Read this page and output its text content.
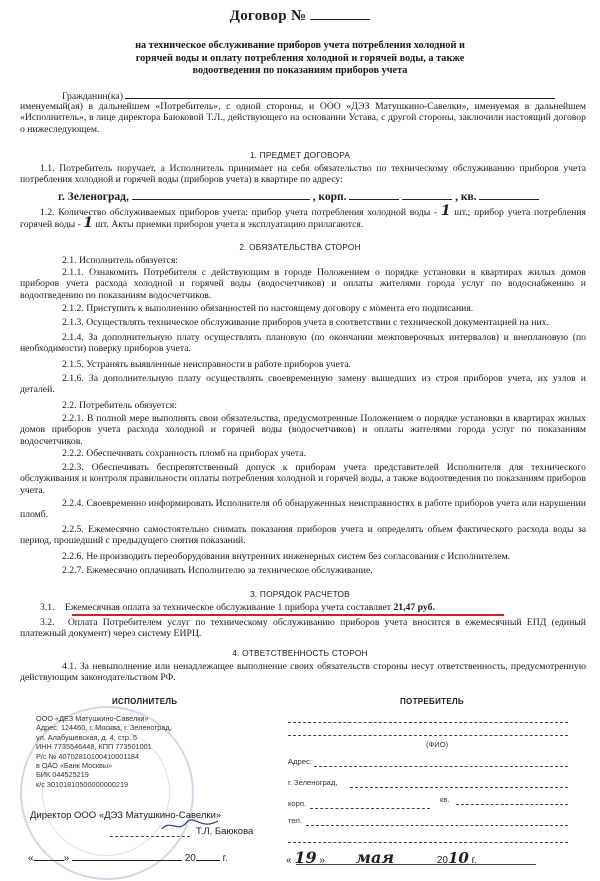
Договор №
на техническое обслуживание приборов учета потребления холодной и
горячей воды и оплату потребления холодной и горячей воды, а также
водоотведения по показаниям приборов учета
Гражданин(ка)
именуемый(ая) в дальнейшем «Потребитель», с одной стороны, и ООО «ДЭЗ Матушкино-Савелки», именуемая в дальнейшем «Исполнитель», в лице директора Баюковой Т.Л., действующего на основании Устава, с другой стороны, заключили настоящий договор о нижеследующем.
1. ПРЕДМЕТ ДОГОВОРА
1.1. Потребитель поручает, а Исполнитель принимает на себя обязательство по техническому обслуживанию приборов учета потребления холодной и горячей воды (приборов учета) в квартире по адресу:
г. Зеленоград,	, корп.	, кв.
1.2. Количество обслуживаемых приборов учета: прибор учета потребления холодной воды - 1 шт.; прибор учета потребления горячей воды - 1 шт. Акты приемки приборов учета в эксплуатацию прилагаются.
2. ОБЯЗАТЕЛЬСТВА СТОРОН
2.1. Исполнитель обязуется:
2.1.1. Ознакомить Потребителя с действующим в городе Положением о порядке установки в квартирах жилых домов приборов учета расхода холодной и горячей воды (водосчетчиков) и оплаты жителями города услуг по водоснабжению и водоотведению по показаниям водосчетчиков.
2.1.2. Приступить к выполнению обязанностей по настоящему договору с момента его подписания.
2.1.3. Осуществлять техническое обслуживание приборов учета в соответствии с технической документацией на них.
2.1.4. За дополнительную плату осуществлять плановую (по окончании межповерочных интервалов) и внеплановую (по необходимости) поверку приборов учета.
2.1.5. Устранять выявленные неисправности в работе приборов учета.
2.1.6. За дополнительную плату осуществлять своевременную замену вышедших из строя приборов учета, их узлов и деталей.
2.2. Потребитель обязуется:
2.2.1. В полной мере выполнять свои обязательства, предусмотренные Положением о порядке установки в квартирах жилых домов приборов учета расхода холодной и горячей воды (водосчетчиков) и оплаты жителями города услуг по показаниям водосчетчиков.
2.2.2. Обеспечивать сохранность пломб на приборах учета.
2.2.3. Обеспечивать беспрепятственный допуск к приборам учета представителей Исполнителя для технического обслуживания и контроля правильности оплаты потребления холодной и горячей воды, а также водоотведения по показаниям приборов учета.
2.2.4. Своевременно информировать Исполнителя об обнаруженных неисправностях в работе приборов учета или нарушении пломб.
2.2.5. Ежемесячно самостоятельно снимать показания приборов учета и определять объем фактического расхода воды за период, прошедший с предыдущего снятия показаний.
2.2.6. Не производить переоборудования внутренних инженерных систем без согласования с Исполнителем.
2.2.7. Ежемесячно оплачивать Исполнителю за техническое обслуживание.
3. ПОРЯДОК РАСЧЕТОВ
3.1. Ежемесячная оплата за техническое обслуживание 1 прибора учета составляет 21,47 руб.
3.2. Оплата Потребителем услуг по техническому обслуживанию приборов учета вносится в ежемесячный ЕПД (единый платежный документ) через систему ЕИРЦ.
4. ОТВЕТСТВЕННОСТЬ СТОРОН
4.1. За невыполнение или ненадлежащее выполнение своих обязательств стороны несут ответственность, предусмотренную действующим законодательством РФ.
ИСПОЛНИТЕЛЬ
ООО «ДЕЗ Матушкино-Савелки»
Адрес: 124460, г. Москва, г. Зеленоград,
ул. Алабушевская, д. 4, стр. 5
ИНН 7735546448, КПП 773501001
Р/с № 40702810100410001184
в ОАО «Банк Москвы»
БИК 044525219
к/с 30101810500000000219
Директор ООО «ДЭЗ Матушкино-Савелки»
Т.Л. Баюкова
«	»	20	г.
ПОТРЕБИТЕЛЬ
(ФИО)
Адрес:
г. Зеленоград,
корп.	кв.
тел.
« 19 » мая	2010 г.
